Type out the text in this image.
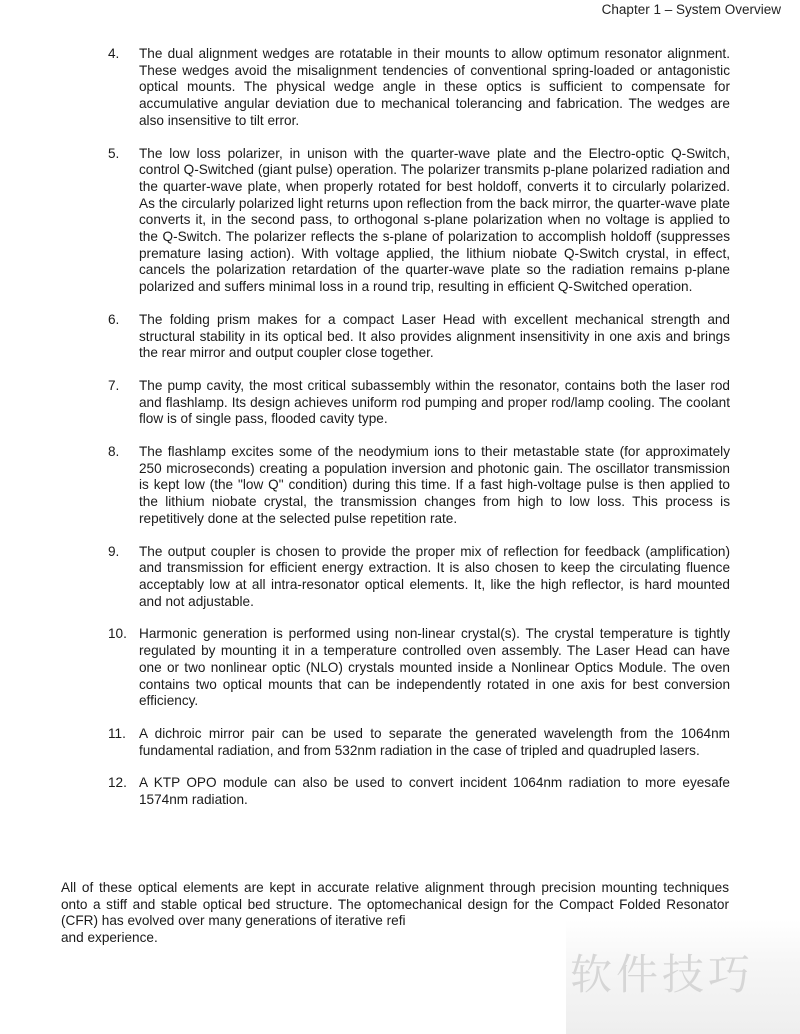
Chapter 1 – System Overview
4.	The dual alignment wedges are rotatable in their mounts to allow optimum resonator alignment. These wedges avoid the misalignment tendencies of conventional spring-loaded or antagonistic optical mounts. The physical wedge angle in these optics is sufficient to compensate for accumulative angular deviation due to mechanical tolerancing and fabrication. The wedges are also insensitive to tilt error.
5.	The low loss polarizer, in unison with the quarter-wave plate and the Electro-optic Q-Switch, control Q-Switched (giant pulse) operation. The polarizer transmits p-plane polarized radiation and the quarter-wave plate, when properly rotated for best holdoff, converts it to circularly polarized. As the circularly polarized light returns upon reflection from the back mirror, the quarter-wave plate converts it, in the second pass, to orthogonal s-plane polarization when no voltage is applied to the Q-Switch. The polarizer reflects the s-plane of polarization to accomplish holdoff (suppresses premature lasing action). With voltage applied, the lithium niobate Q-Switch crystal, in effect, cancels the polarization retardation of the quarter-wave plate so the radiation remains p-plane polarized and suffers minimal loss in a round trip, resulting in efficient Q-Switched operation.
6.	The folding prism makes for a compact Laser Head with excellent mechanical strength and structural stability in its optical bed. It also provides alignment insensitivity in one axis and brings the rear mirror and output coupler close together.
7.	The pump cavity, the most critical subassembly within the resonator, contains both the laser rod and flashlamp. Its design achieves uniform rod pumping and proper rod/lamp cooling. The coolant flow is of single pass, flooded cavity type.
8.	The flashlamp excites some of the neodymium ions to their metastable state (for approximately 250 microseconds) creating a population inversion and photonic gain. The oscillator transmission is kept low (the "low Q" condition) during this time. If a fast high-voltage pulse is then applied to the lithium niobate crystal, the transmission changes from high to low loss. This process is repetitively done at the selected pulse repetition rate.
9.	The output coupler is chosen to provide the proper mix of reflection for feedback (amplification) and transmission for efficient energy extraction. It is also chosen to keep the circulating fluence acceptably low at all intra-resonator optical elements. It, like the high reflector, is hard mounted and not adjustable.
10. Harmonic generation is performed using non-linear crystal(s). The crystal temperature is tightly regulated by mounting it in a temperature controlled oven assembly. The Laser Head can have one or two nonlinear optic (NLO) crystals mounted inside a Nonlinear Optics Module. The oven contains two optical mounts that can be independently rotated in one axis for best conversion efficiency.
11. A dichroic mirror pair can be used to separate the generated wavelength from the 1064nm fundamental radiation, and from 532nm radiation in the case of tripled and quadrupled lasers.
12. A KTP OPO module can also be used to convert incident 1064nm radiation to more eyesafe 1574nm radiation.

All of these optical elements are kept in accurate relative alignment through precision mounting techniques onto a stiff and stable optical bed structure. The optomechanical design for the Compact Folded Resonator (CFR) has evolved over many generations of iterative refi
and experience.

软件技巧
